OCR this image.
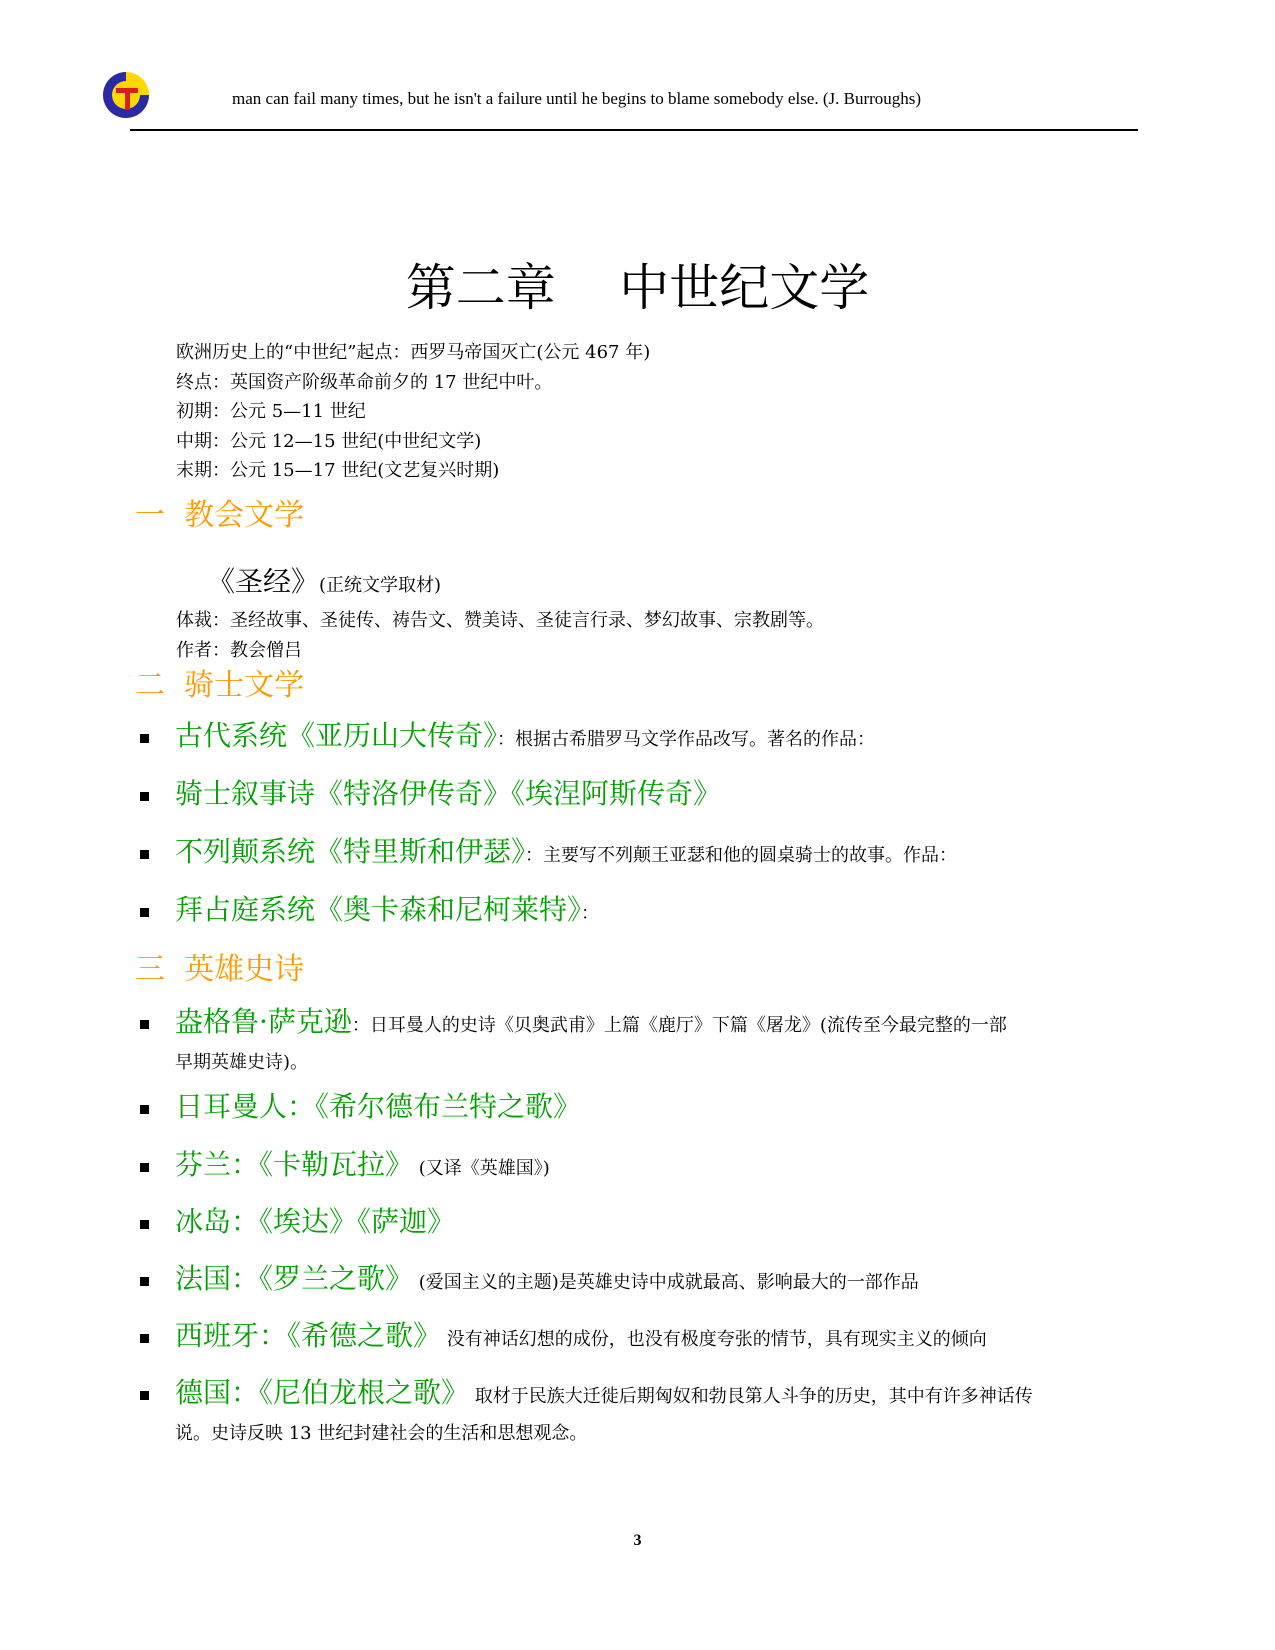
man can fail many times, but he isn't a failure until he begins to blame somebody else. (J. Burroughs)
第二章    中世纪文学
欧洲历史上的“中世纪”起点：西罗马帝国灭亡(公元 467 年)
终点：英国资产阶级革命前夕的 17 世纪中叶。
初期：公元 5—11 世纪
中期：公元 12—15 世纪(中世纪文学)
末期：公元 15—17 世纪(文艺复兴时期)
一  教会文学
《圣经》(正统文学取材)
体裁：圣经故事、圣徒传、祷告文、赞美诗、圣徒言行录、梦幻故事、宗教剧等。
作者：教会僧吕
二  骑士文学
古代系统《亚历山大传奇》：根据古希腊罗马文学作品改写。著名的作品：
骑士叙事诗《特洛伊传奇》《埃涅阿斯传奇》
不列颠系统《特里斯和伊瑟》：主要写不列颠王亚瑟和他的圆桌骑士的故事。作品：
拜占庭系统《奥卡森和尼柯莱特》：
三  英雄史诗
盎格鲁·萨克逊：日耳曼人的史诗《贝奥武甫》上篇《鹿厅》下篇《屠龙》(流传至今最完整的一部
早期英雄史诗)。
日耳曼人：《希尔德布兰特之歌》
芬兰：《卡勒瓦拉》 (又译《英雄国》)
冰岛：《埃达》《萨迦》
法国：《罗兰之歌》 (爱国主义的主题)是英雄史诗中成就最高、影响最大的一部作品
西班牙：《希德之歌》 没有神话幻想的成份，也没有极度夸张的情节，具有现实主义的倾向
德国：《尼伯龙根之歌》 取材于民族大迁徙后期匈奴和勃艮第人斗争的历史，其中有许多神话传
说。史诗反映 13 世纪封建社会的生活和思想观念。
3
